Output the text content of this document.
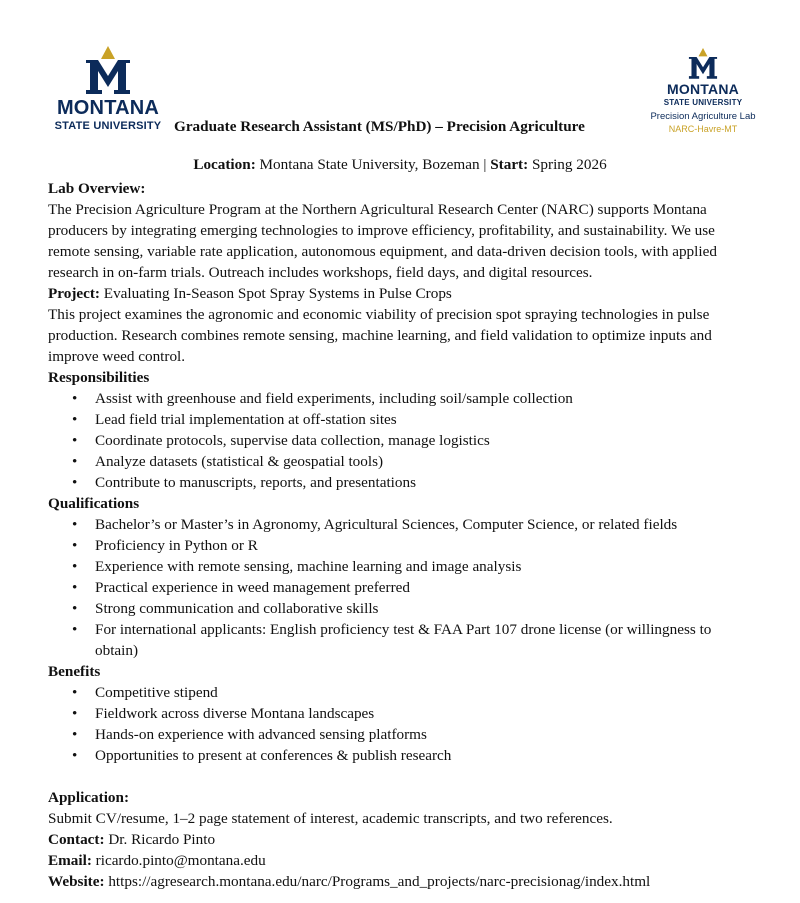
MONTANA
STATE UNIVERSITY
MONTANA
STATE UNIVERSITY
Precision Agriculture Lab
NARC-Havre-MT
Graduate Research Assistant (MS/PhD) – Precision Agriculture
Location: Montana State University, Bozeman | Start: Spring 2026

Lab Overview:

The Precision Agriculture Program at the Northern Agricultural Research Center (NARC) supports Montana producers by integrating emerging technologies to improve efficiency, profitability, and sustainability. We use remote sensing, variable rate application, autonomous equipment, and data-driven decision tools, with applied research in on-farm trials. Outreach includes workshops, field days, and digital resources.

Project: Evaluating In-Season Spot Spray Systems in Pulse Crops

This project examines the agronomic and economic viability of precision spot spraying technologies in pulse production. Research combines remote sensing, machine learning, and field validation to optimize inputs and improve weed control.

Responsibilities

• Assist with greenhouse and field experiments, including soil/sample collection
• Lead field trial implementation at off-station sites
• Coordinate protocols, supervise data collection, manage logistics
• Analyze datasets (statistical & geospatial tools)
• Contribute to manuscripts, reports, and presentations

Qualifications

• Bachelor’s or Master’s in Agronomy, Agricultural Sciences, Computer Science, or related fields
• Proficiency in Python or R
• Experience with remote sensing, machine learning and image analysis
• Practical experience in weed management preferred
• Strong communication and collaborative skills
• For international applicants: English proficiency test & FAA Part 107 drone license (or willingness to obtain)

Benefits

• Competitive stipend
• Fieldwork across diverse Montana landscapes
• Hands-on experience with advanced sensing platforms
• Opportunities to present at conferences & publish research

Application:

Submit CV/resume, 1–2 page statement of interest, academic transcripts, and two references.

Contact: Dr. Ricardo Pinto

Email: ricardo.pinto@montana.edu

Website: https://agresearch.montana.edu/narc/Programs_and_projects/narc-precisionag/index.html
